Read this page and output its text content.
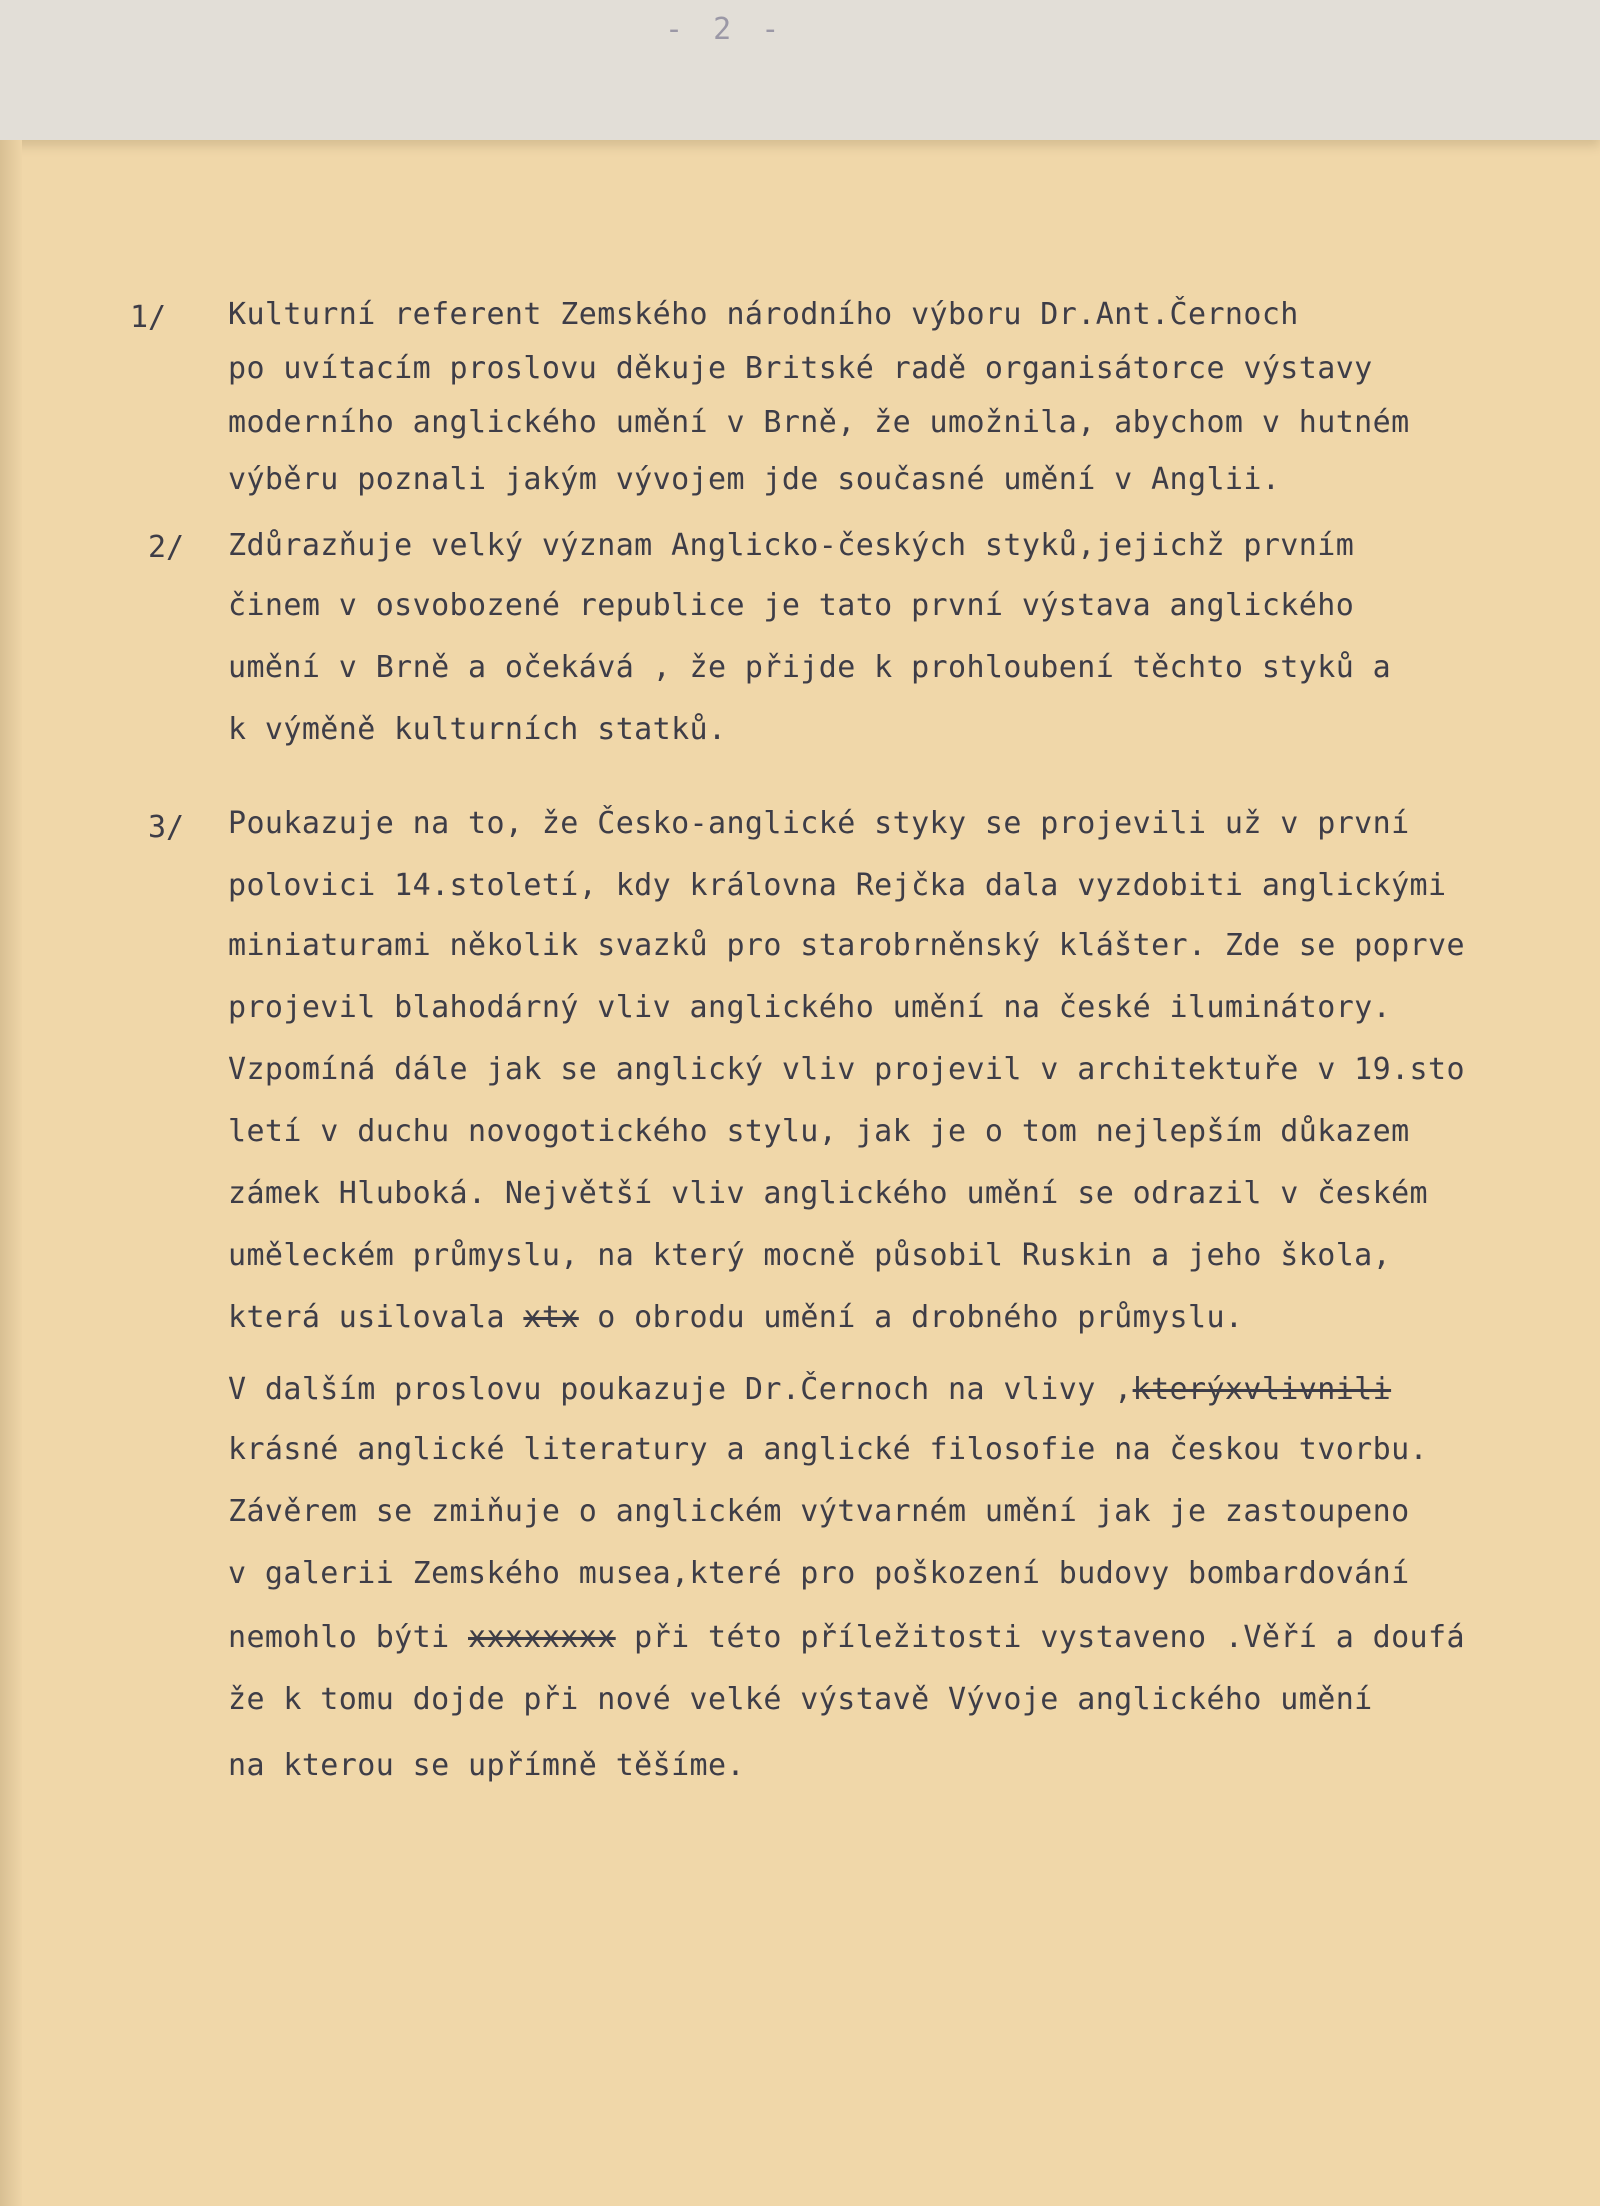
- 2 -
1/ Kulturní referent Zemského národního výboru Dr.Ant.Černoch
po uvítacím proslovu děkuje Britské radě organisátorce výstavy
moderního anglického umění v Brně, že umožnila, abychom v hutném
výběru poznali jakým vývojem jde současné umění v Anglii.
2/ Zdůrazňuje velký význam Anglicko-českých styků,jejichž prvním
činem v osvobozené republice je tato první výstava anglického
umění v Brně a očekává , že přijde k prohloubení těchto styků a
k výměně kulturních statků.
3/ Poukazuje na to, že Česko-anglické styky se projevili už v první
polovici 14.století, kdy královna Rejčka dala vyzdobiti anglickými
miniaturami několik svazků pro starobrněnský klášter. Zde se poprve
projevil blahodárný vliv anglického umění na české iluminátory.
Vzpomíná dále jak se anglický vliv projevil v architektuře v 19.sto
letí v duchu novogotického stylu, jak je o tom nejlepším důkazem
zámek Hluboká. Největší vliv anglického umění se odrazil v českém
uměleckém průmyslu, na který mocně působil Ruskin a jeho škola,
která usilovala xtx o obrodu umění a drobného průmyslu.
V dalším proslovu poukazuje Dr.Černoch na vlivy ,kterýxvlivnili
krásné anglické literatury a anglické filosofie na českou tvorbu.
Závěrem se zmiňuje o anglickém výtvarném umění jak je zastoupeno
v galerii Zemského musea,které pro poškození budovy bombardování
nemohlo býti xxxxxxxx při této příležitosti vystaveno .Věří a doufá
že k tomu dojde při nové velké výstavě Vývoje anglického umění
na kterou se upřímně těšíme.
